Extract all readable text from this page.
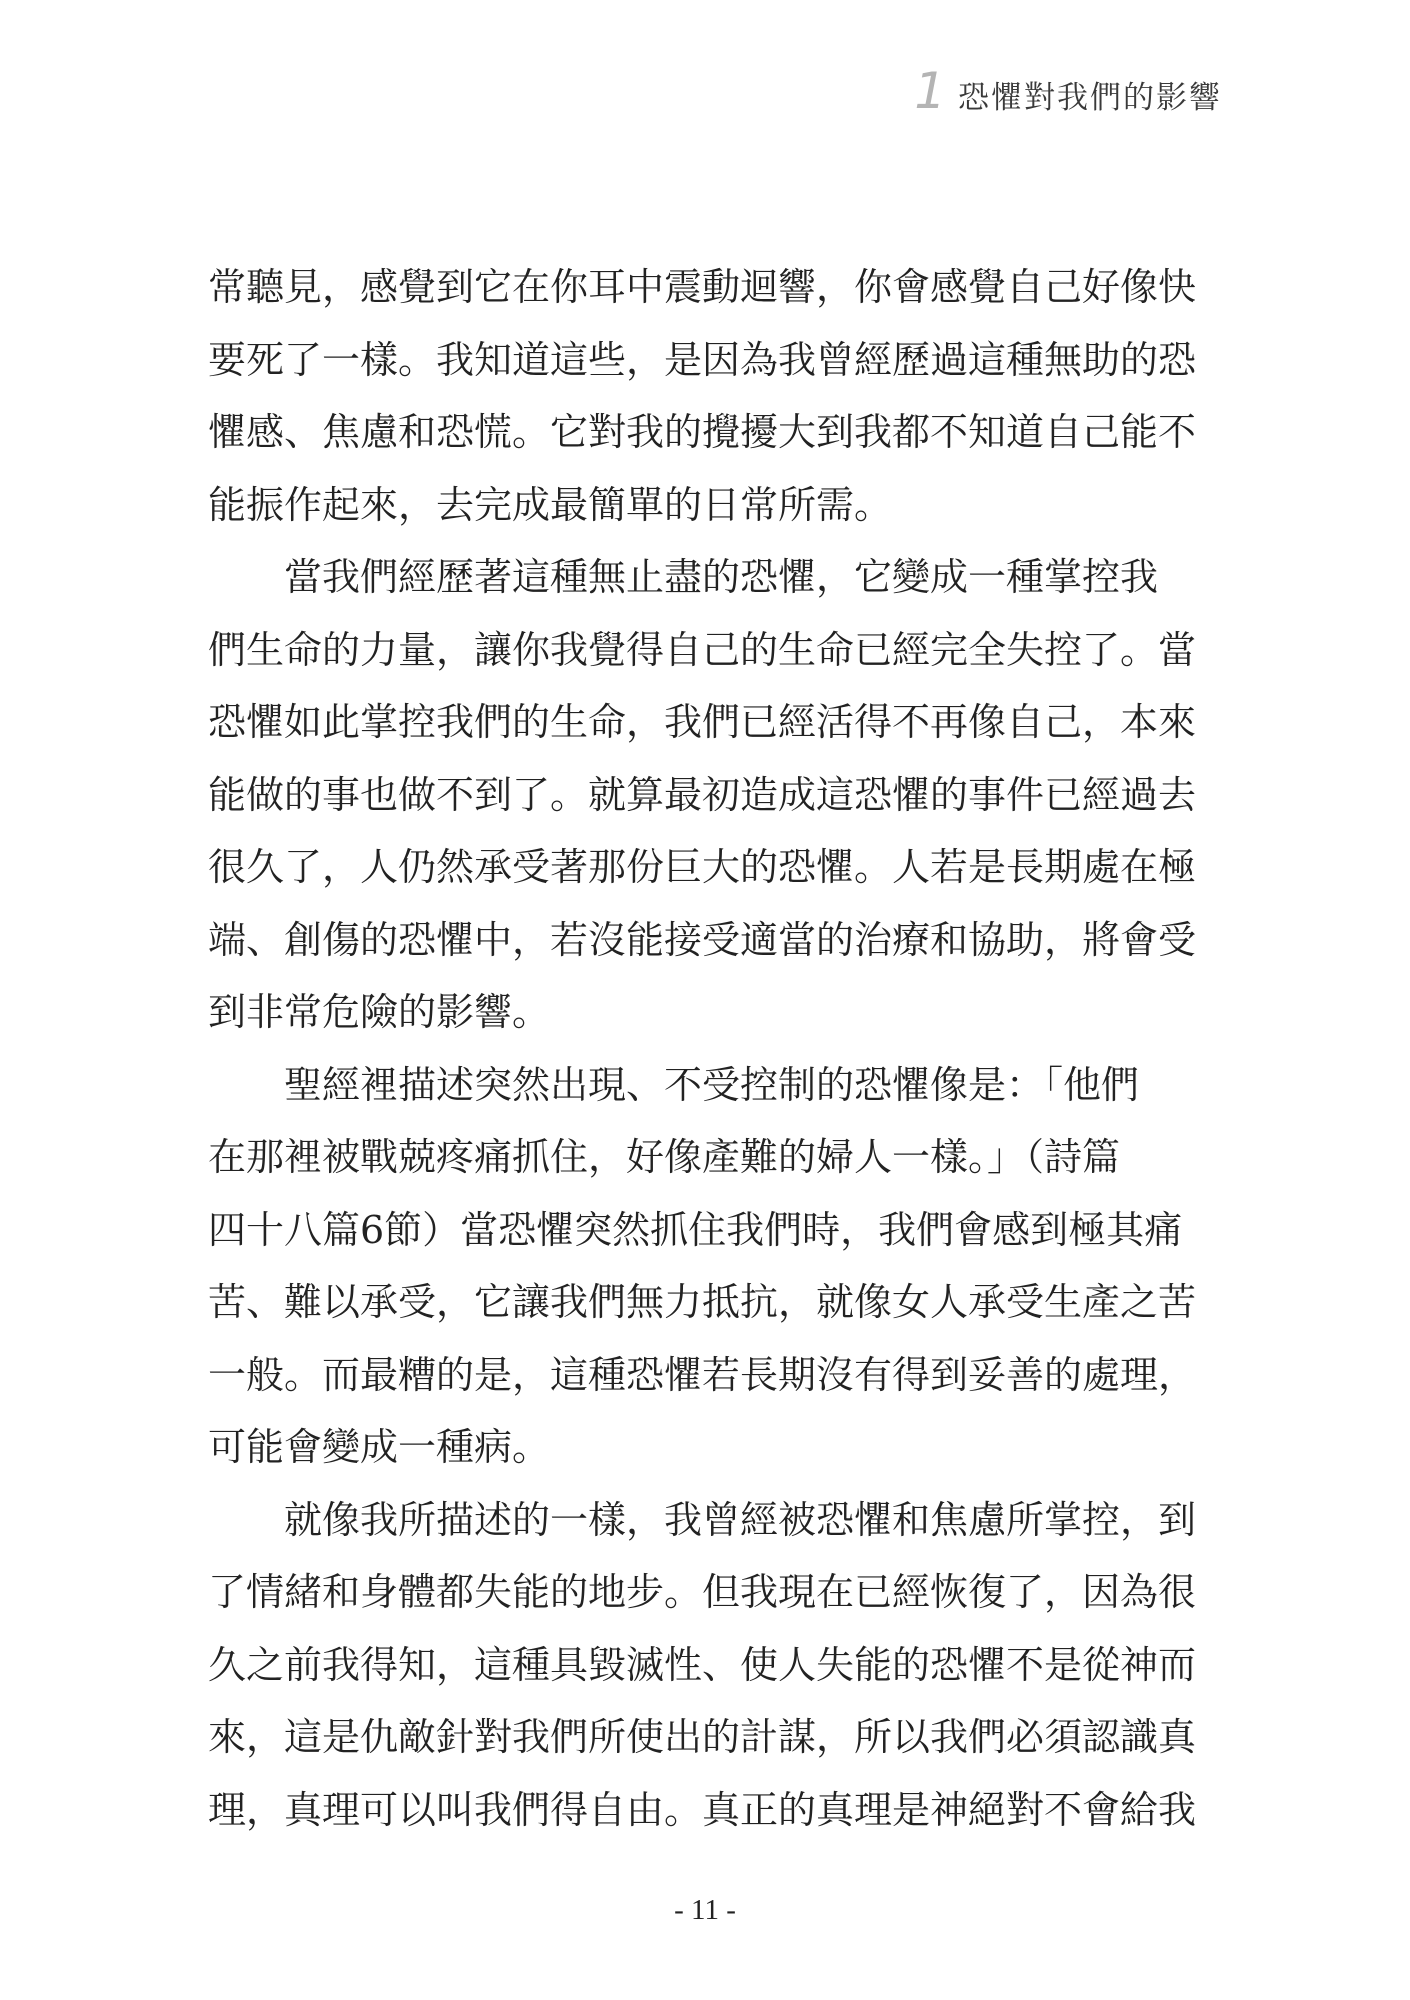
1 恐懼對我們的影響
常聽見，感覺到它在你耳中震動迴響，你會感覺自己好像快
要死了一樣。我知道這些，是因為我曾經歷過這種無助的恐
懼感、焦慮和恐慌。它對我的攪擾大到我都不知道自己能不
能振作起來，去完成最簡單的日常所需。
當我們經歷著這種無止盡的恐懼，它變成一種掌控我
們生命的力量，讓你我覺得自己的生命已經完全失控了。當
恐懼如此掌控我們的生命，我們已經活得不再像自己，本來
能做的事也做不到了。就算最初造成這恐懼的事件已經過去
很久了，人仍然承受著那份巨大的恐懼。人若是長期處在極
端、創傷的恐懼中，若沒能接受適當的治療和協助，將會受
到非常危險的影響。
聖經裡描述突然出現、不受控制的恐懼像是：「他們
在那裡被戰兢疼痛抓住，好像產難的婦人一樣。」（詩篇
四十八篇6節）當恐懼突然抓住我們時，我們會感到極其痛
苦、難以承受，它讓我們無力抵抗，就像女人承受生產之苦
一般。而最糟的是，這種恐懼若長期沒有得到妥善的處理，
可能會變成一種病。
就像我所描述的一樣，我曾經被恐懼和焦慮所掌控，到
了情緒和身體都失能的地步。但我現在已經恢復了，因為很
久之前我得知，這種具毀滅性、使人失能的恐懼不是從神而
來，這是仇敵針對我們所使出的計謀，所以我們必須認識真
理，真理可以叫我們得自由。真正的真理是神絕對不會給我
- 11 -
